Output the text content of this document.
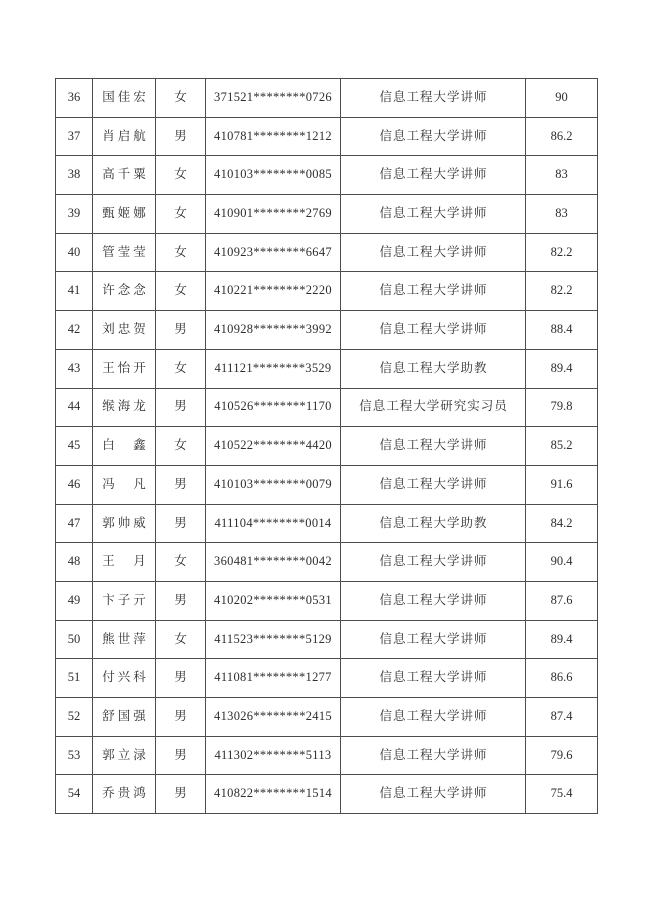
36	国佳宏	女	371521********0726	信息工程大学讲师	90
37	肖启航	男	410781********1212	信息工程大学讲师	86.2
38	高千粟	女	410103********0085	信息工程大学讲师	83
39	甄姬娜	女	410901********2769	信息工程大学讲师	83
40	管莹莹	女	410923********6647	信息工程大学讲师	82.2
41	许念念	女	410221********2220	信息工程大学讲师	82.2
42	刘忠贺	男	410928********3992	信息工程大学讲师	88.4
43	王怡开	女	411121********3529	信息工程大学助教	89.4
44	缑海龙	男	410526********1170	信息工程大学研究实习员	79.8
45	白　鑫	女	410522********4420	信息工程大学讲师	85.2
46	冯　凡	男	410103********0079	信息工程大学讲师	91.6
47	郭帅威	男	411104********0014	信息工程大学助教	84.2
48	王　月	女	360481********0042	信息工程大学讲师	90.4
49	卞子亓	男	410202********0531	信息工程大学讲师	87.6
50	熊世萍	女	411523********5129	信息工程大学讲师	89.4
51	付兴科	男	411081********1277	信息工程大学讲师	86.6
52	舒国强	男	413026********2415	信息工程大学讲师	87.4
53	郭立渌	男	411302********5113	信息工程大学讲师	79.6
54	乔贵鸿	男	410822********1514	信息工程大学讲师	75.4
